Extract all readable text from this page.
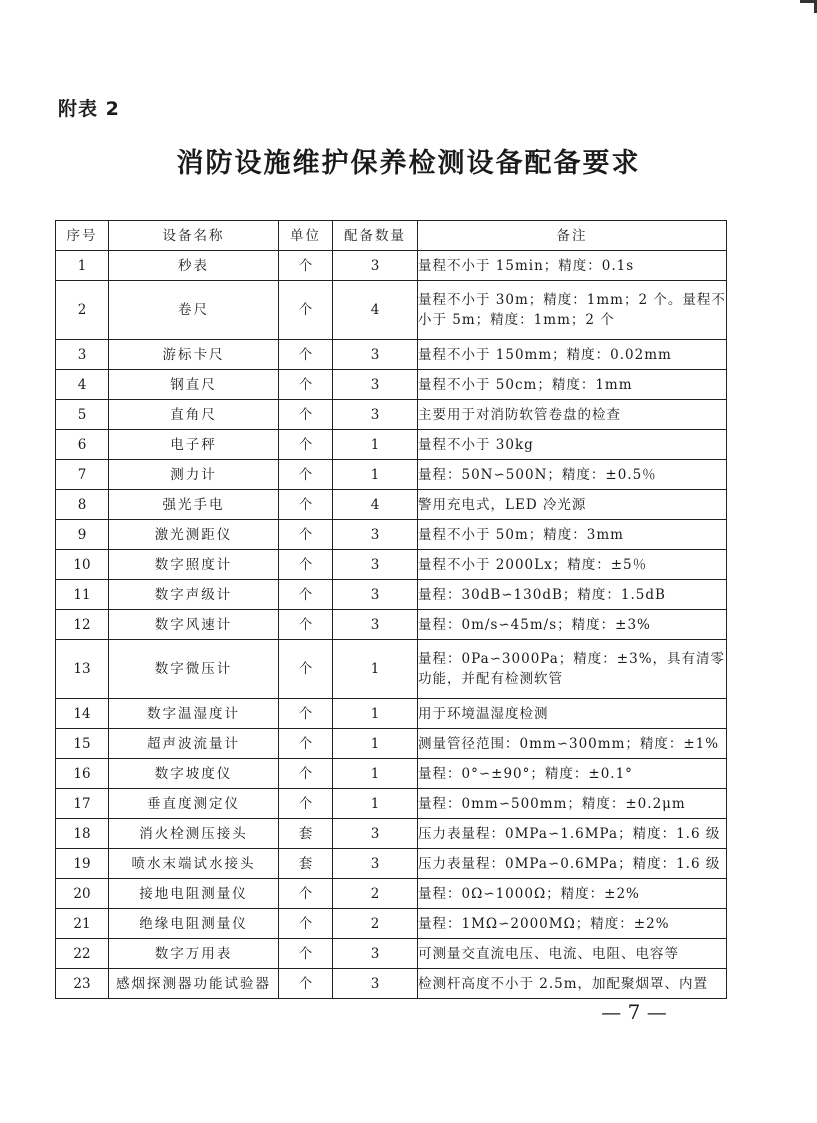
附表 2
消防设施维护保养检测设备配备要求
序号	设备名称	单位	配备数量	备注
1	秒表	个	3	量程不小于 15min；精度：0.1s
2	卷尺	个	4	量程不小于 30m；精度：1mm；2 个。量程不小于 5m；精度：1mm；2 个
3	游标卡尺	个	3	量程不小于 150mm；精度：0.02mm
4	钢直尺	个	3	量程不小于 50cm；精度：1mm
5	直角尺	个	3	主要用于对消防软管卷盘的检查
6	电子秤	个	1	量程不小于 30kg
7	测力计	个	1	量程：50N∽500N；精度：±0.5％
8	强光手电	个	4	警用充电式，LED 冷光源
9	激光测距仪	个	3	量程不小于 50m；精度：3mm
10	数字照度计	个	3	量程不小于 2000Lx；精度：±5％
11	数字声级计	个	3	量程：30dB∽130dB；精度：1.5dB
12	数字风速计	个	3	量程：0m/s∽45m/s；精度：±3%
13	数字微压计	个	1	量程：0Pa∽3000Pa；精度：±3%，具有清零功能，并配有检测软管
14	数字温湿度计	个	1	用于环境温湿度检测
15	超声波流量计	个	1	测量管径范围：0mm∽300mm；精度：±1%
16	数字坡度仪	个	1	量程：0°∽±90°；精度：±0.1°
17	垂直度测定仪	个	1	量程：0mm∽500mm；精度：±0.2μm
18	消火栓测压接头	套	3	压力表量程：0MPa∽1.6MPa；精度：1.6 级
19	喷水末端试水接头	套	3	压力表量程：0MPa∽0.6MPa；精度：1.6 级
20	接地电阻测量仪	个	2	量程：0Ω∽1000Ω；精度：±2%
21	绝缘电阻测量仪	个	2	量程：1MΩ∽2000MΩ；精度：±2%
22	数字万用表	个	3	可测量交直流电压、电流、电阻、电容等
23	感烟探测器功能试验器	个	3	检测杆高度不小于 2.5m，加配聚烟罩、内置
— 7 —
